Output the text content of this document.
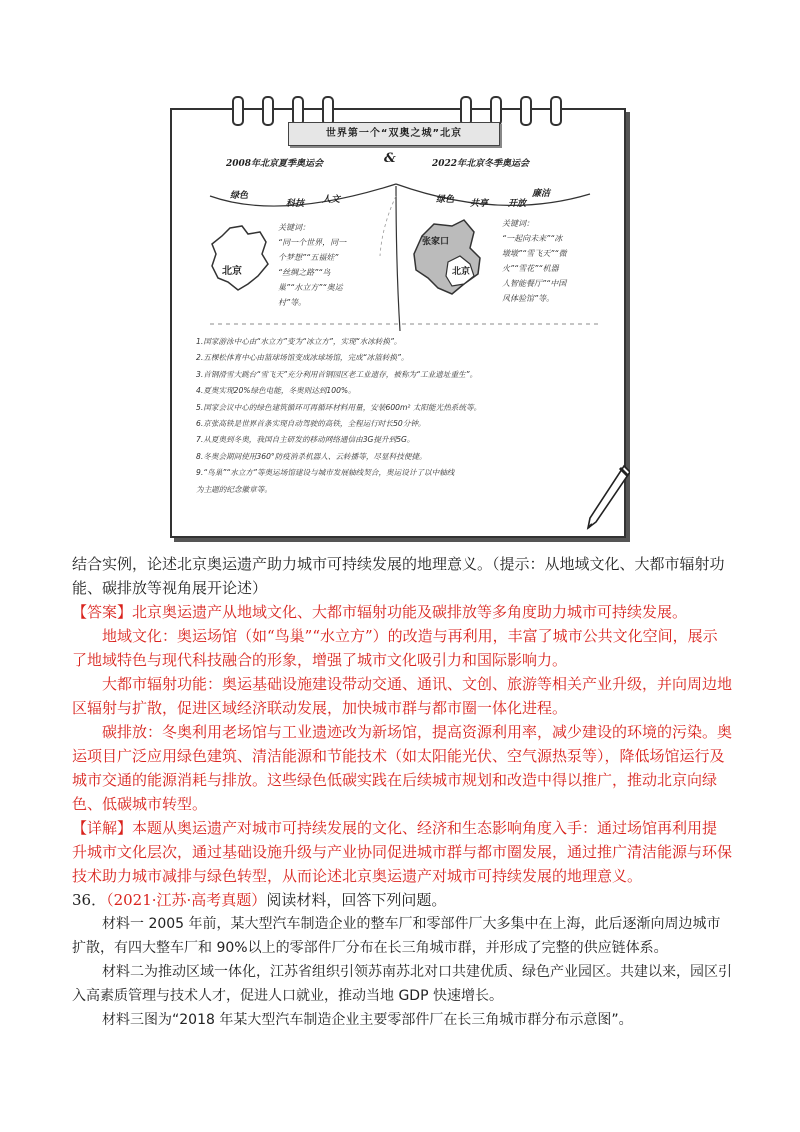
世界第一个“双奥之城”北京
2008年北京夏季奥运会	&	2022年北京冬季奥运会
绿色
科技 人文	绿色 共享 开放
廉洁
北京
关键词：
“同一个世界，同一
个梦想”“五福娃”
“丝绸之路”“鸟
巢”“水立方”“奥运
村”等。
张家口
北京
关键词：
“一起向未来”“冰
墩墩”“雪飞天”“微
火”“雪花”“机器
人智能餐厅”“中国
风体验馆”等。
1.国家游泳中心由“水立方”变为“冰立方”，实现“水冰转换”。
2.五棵松体育中心由篮球场馆变成冰球场馆，完成“冰篮转换”。
3.首钢滑雪大跳台“雪飞天”充分利用首钢园区老工业遗存，被称为“工业遗址重生”。
4.夏奥实现20%绿色电能，冬奥则达到100%。
5.国家会议中心的绿色建筑循环可再循环材料用量，安装600m² 太阳能光热系统等。
6.京张高铁是世界首条实现自动驾驶的高铁，全程运行时长50分钟。
7.从夏奥到冬奥，我国自主研发的移动网络通信由3G提升到5G。
8.冬奥会期间使用360°防疫消杀机器人、云转播等，尽显科技便捷。
9.“鸟巢”“水立方”等奥运场馆建设与城市发展轴线契合，奥运设计了以中轴线
为主题的纪念徽章等。

结合实例，论述北京奥运遗产助力城市可持续发展的地理意义。（提示：从地域文化、大都市辐射功能、碳排放等视角展开论述）

【答案】北京奥运遗产从地域文化、大都市辐射功能及碳排放等多角度助力城市可持续发展。

地域文化：奥运场馆（如“鸟巢”“水立方”）的改造与再利用，丰富了城市公共文化空间，展示了地域特色与现代科技融合的形象，增强了城市文化吸引力和国际影响力。

大都市辐射功能：奥运基础设施建设带动交通、通讯、文创、旅游等相关产业升级，并向周边地区辐射与扩散，促进区域经济联动发展，加快城市群与都市圈一体化进程。

碳排放：冬奥利用老场馆与工业遗迹改为新场馆，提高资源利用率，减少建设的环境的污染。奥运项目广泛应用绿色建筑、清洁能源和节能技术（如太阳能光伏、空气源热泵等），降低场馆运行及城市交通的能源消耗与排放。这些绿色低碳实践在后续城市规划和改造中得以推广，推动北京向绿色、低碳城市转型。

【详解】本题从奥运遗产对城市可持续发展的文化、经济和生态影响角度入手：通过场馆再利用提升城市文化层次，通过基础设施升级与产业协同促进城市群与都市圈发展，通过推广清洁能源与环保技术助力城市减排与绿色转型，从而论述北京奥运遗产对城市可持续发展的地理意义。

36．（2021·江苏·高考真题）阅读材料，回答下列问题。

材料一 2005 年前，某大型汽车制造企业的整车厂和零部件厂大多集中在上海，此后逐渐向周边城市扩散，有四大整车厂和 90%以上的零部件厂分布在长三角城市群，并形成了完整的供应链体系。

材料二为推动区域一体化，江苏省组织引领苏南苏北对口共建优质、绿色产业园区。共建以来，园区引入高素质管理与技术人才，促进人口就业，推动当地 GDP 快速增长。

材料三图为“2018 年某大型汽车制造企业主要零部件厂在长三角城市群分布示意图”。
